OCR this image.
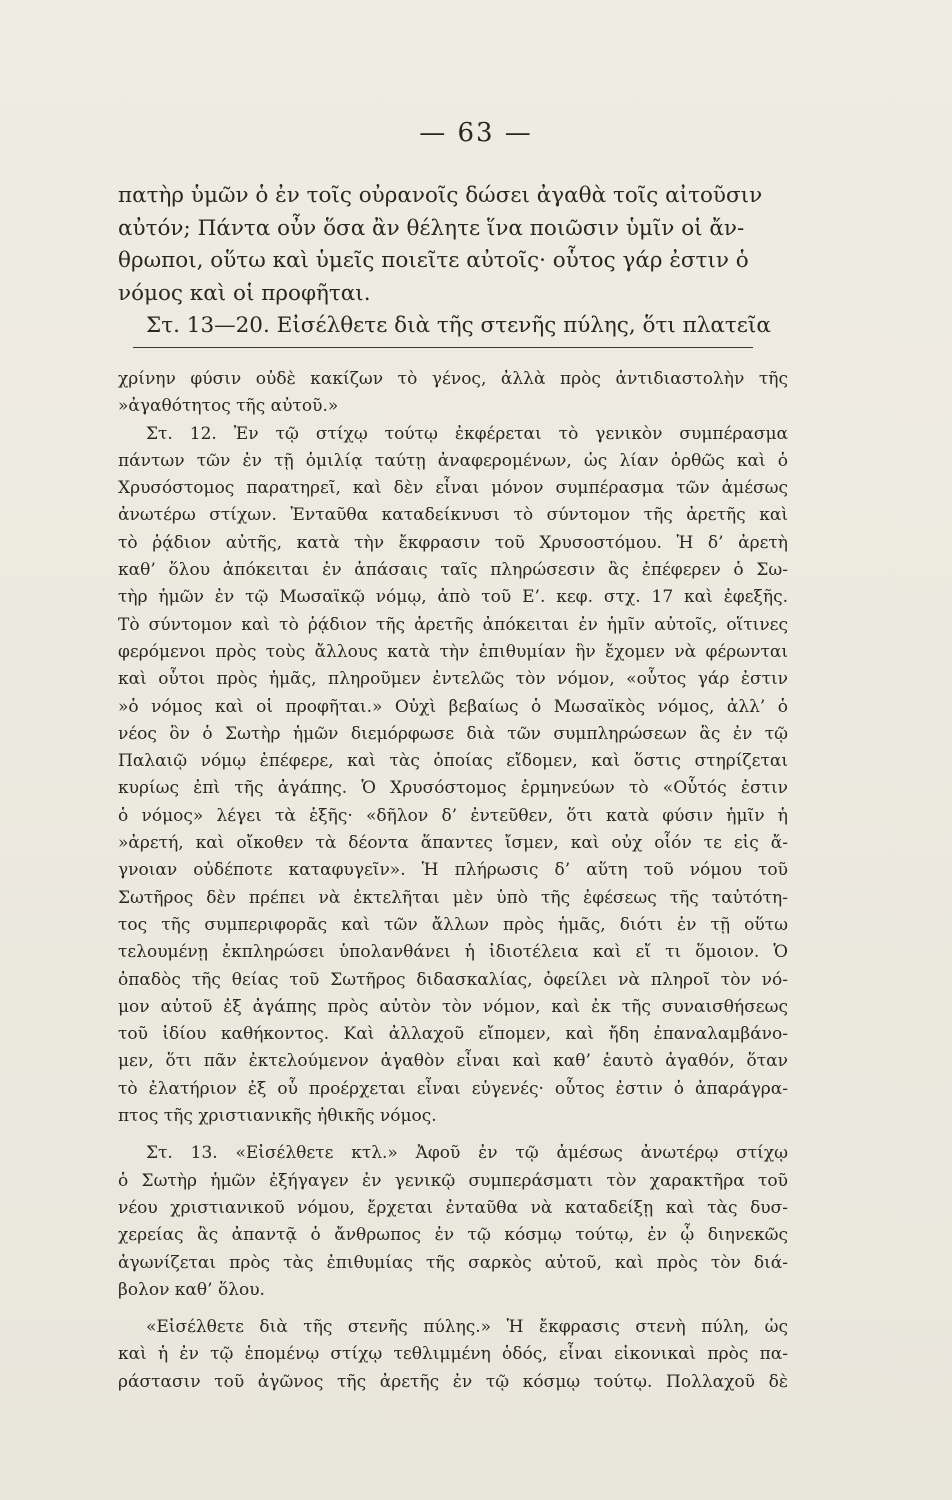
— 63 —
πατὴρ ὑμῶν ὁ ἐν τοῖς οὐρανοῖς δώσει ἀγαθὰ τοῖς αἰτοῦσιν
αὐτόν; Πάντα οὖν ὅσα ἂν θέλητε ἵνα ποιῶσιν ὑμῖν οἱ ἄν-
θρωποι, οὕτω καὶ ὑμεῖς ποιεῖτε αὐτοῖς· οὗτος γάρ ἐστιν ὁ
νόμος καὶ οἱ προφῆται.
Στ. 13—20. Εἰσέλθετε διὰ τῆς στενῆς πύλης, ὅτι πλατεῖα
χρίνην φύσιν οὐδὲ κακίζων τὸ γένος, ἀλλὰ πρὸς ἀντιδιαστολὴν τῆς
»ἀγαθότητος τῆς αὐτοῦ.»
Στ. 12. Ἐν τῷ στίχῳ τούτῳ ἐκφέρεται τὸ γενικὸν συμπέρασμα
πάντων τῶν ἐν τῇ ὁμιλίᾳ ταύτῃ ἀναφερομένων, ὡς λίαν ὀρθῶς καὶ ὁ
Χρυσόστομος παρατηρεῖ, καὶ δὲν εἶναι μόνον συμπέρασμα τῶν ἀμέσως
ἀνωτέρω στίχων. Ἐνταῦθα καταδείκνυσι τὸ σύντομον τῆς ἀρετῆς καὶ
τὸ ῥᾴδιον αὐτῆς, κατὰ τὴν ἔκφρασιν τοῦ Χρυσοστόμου. Ἡ δ’ ἀρετὴ
καθ’ ὅλου ἀπόκειται ἐν ἁπάσαις ταῖς πληρώσεσιν ἃς ἐπέφερεν ὁ Σω-
τὴρ ἡμῶν ἐν τῷ Μωσαϊκῷ νόμῳ, ἀπὸ τοῦ Ε’. κεφ. στχ. 17 καὶ ἐφεξῆς.
Τὸ σύντομον καὶ τὸ ῥᾴδιον τῆς ἀρετῆς ἀπόκειται ἐν ἡμῖν αὐτοῖς, οἵτινες
φερόμενοι πρὸς τοὺς ἄλλους κατὰ τὴν ἐπιθυμίαν ἣν ἔχομεν νὰ φέρωνται
καὶ οὗτοι πρὸς ἡμᾶς, πληροῦμεν ἐντελῶς τὸν νόμον, «οὗτος γάρ ἐστιν
»ὁ νόμος καὶ οἱ προφῆται.» Οὐχὶ βεβαίως ὁ Μωσαϊκὸς νόμος, ἀλλ’ ὁ
νέος ὃν ὁ Σωτὴρ ἡμῶν διεμόρφωσε διὰ τῶν συμπληρώσεων ἃς ἐν τῷ
Παλαιῷ νόμῳ ἐπέφερε, καὶ τὰς ὁποίας εἴδομεν, καὶ ὅστις στηρίζεται
κυρίως ἐπὶ τῆς ἀγάπης. Ὁ Χρυσόστομος ἑρμηνεύων τὸ «Οὗτός ἐστιν
ὁ νόμος» λέγει τὰ ἑξῆς· «δῆλον δ’ ἐντεῦθεν, ὅτι κατὰ φύσιν ἡμῖν ἡ
»ἀρετή, καὶ οἴκοθεν τὰ δέοντα ἅπαντες ἴσμεν, καὶ οὐχ οἷόν τε εἰς ἄ-
γνοιαν οὐδέποτε καταφυγεῖν». Ἡ πλήρωσις δ’ αὕτη τοῦ νόμου τοῦ
Σωτῆρος δὲν πρέπει νὰ ἐκτελῆται μὲν ὑπὸ τῆς ἐφέσεως τῆς ταὐτότη-
τος τῆς συμπεριφορᾶς καὶ τῶν ἄλλων πρὸς ἡμᾶς, διότι ἐν τῇ οὕτω
τελουμένῃ ἐκπληρώσει ὑπολανθάνει ἡ ἰδιοτέλεια καὶ εἴ τι ὅμοιον. Ὁ
ὀπαδὸς τῆς θείας τοῦ Σωτῆρος διδασκαλίας, ὀφείλει νὰ πληροῖ τὸν νό-
μον αὐτοῦ ἐξ ἀγάπης πρὸς αὐτὸν τὸν νόμον, καὶ ἐκ τῆς συναισθήσεως
τοῦ ἰδίου καθήκοντος. Καὶ ἀλλαχοῦ εἴπομεν, καὶ ἤδη ἐπαναλαμβάνο-
μεν, ὅτι πᾶν ἐκτελούμενον ἀγαθὸν εἶναι καὶ καθ’ ἑαυτὸ ἀγαθόν, ὅταν
τὸ ἐλατήριον ἐξ οὗ προέρχεται εἶναι εὐγενές· οὗτος ἐστιν ὁ ἀπαράγρα-
πτος τῆς χριστιανικῆς ἠθικῆς νόμος.
Στ. 13. «Εἰσέλθετε κτλ.» Ἀφοῦ ἐν τῷ ἀμέσως ἀνωτέρῳ στίχῳ
ὁ Σωτὴρ ἡμῶν ἐξήγαγεν ἐν γενικῷ συμπεράσματι τὸν χαρακτῆρα τοῦ
νέου χριστιανικοῦ νόμου, ἔρχεται ἐνταῦθα νὰ καταδείξῃ καὶ τὰς δυσ-
χερείας ἃς ἀπαντᾷ ὁ ἄνθρωπος ἐν τῷ κόσμῳ τούτῳ, ἐν ᾧ διηνεκῶς
ἀγωνίζεται πρὸς τὰς ἐπιθυμίας τῆς σαρκὸς αὐτοῦ, καὶ πρὸς τὸν διά-
βολον καθ’ ὅλου.
«Εἰσέλθετε διὰ τῆς στενῆς πύλης.» Ἡ ἔκφρασις στενὴ πύλη, ὡς
καὶ ἡ ἐν τῷ ἑπομένῳ στίχῳ τεθλιμμένη ὁδός, εἶναι εἰκονικαὶ πρὸς πα-
ράστασιν τοῦ ἀγῶνος τῆς ἀρετῆς ἐν τῷ κόσμῳ τούτῳ. Πολλαχοῦ δὲ
